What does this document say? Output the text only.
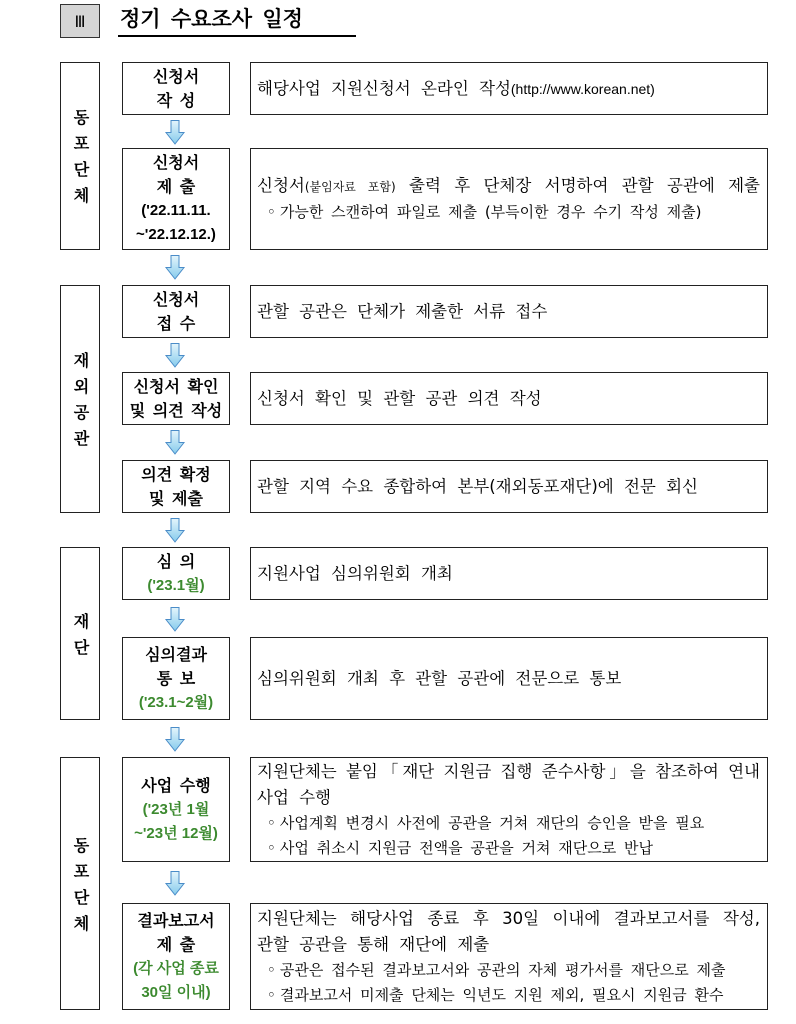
Ⅲ 정기 수요조사 일정
동포단체
재외공관
재단
동포단체
신청서
작 성
해당사업 지원신청서 온라인 작성(http://www.korean.net)
신청서
제 출
('22.11.11.
~'22.12.12.)
신청서(붙임자료 포함) 출력 후 단체장 서명하여 관할 공관에 제출
◦ 가능한 스캔하여 파일로 제출 (부득이한 경우 수기 작성 제출)
신청서
접 수
관할 공관은 단체가 제출한 서류 접수
신청서 확인
및 의견 작성
신청서 확인 및 관할 공관 의견 작성
의견 확정
및 제출
관할 지역 수요 종합하여 본부(재외동포재단)에 전문 회신
심 의
('23.1월)
지원사업 심의위원회 개최
심의결과
통 보
('23.1~2월)
심의위원회 개최 후 관할 공관에 전문으로 통보
사업 수행
('23년 1월
~'23년 12월)
지원단체는 붙임「재단 지원금 집행 준수사항」을 참조하여 연내
사업 수행
◦ 사업계획 변경시 사전에 공관을 거쳐 재단의 승인을 받을 필요
◦ 사업 취소시 지원금 전액을 공관을 거쳐 재단으로 반납
결과보고서
제 출
(각 사업 종료
30일 이내)
지원단체는 해당사업 종료 후 30일 이내에 결과보고서를 작성,
관할 공관을 통해 재단에 제출
◦ 공관은 접수된 결과보고서와 공관의 자체 평가서를 재단으로 제출
◦ 결과보고서 미제출 단체는 익년도 지원 제외, 필요시 지원금 환수
